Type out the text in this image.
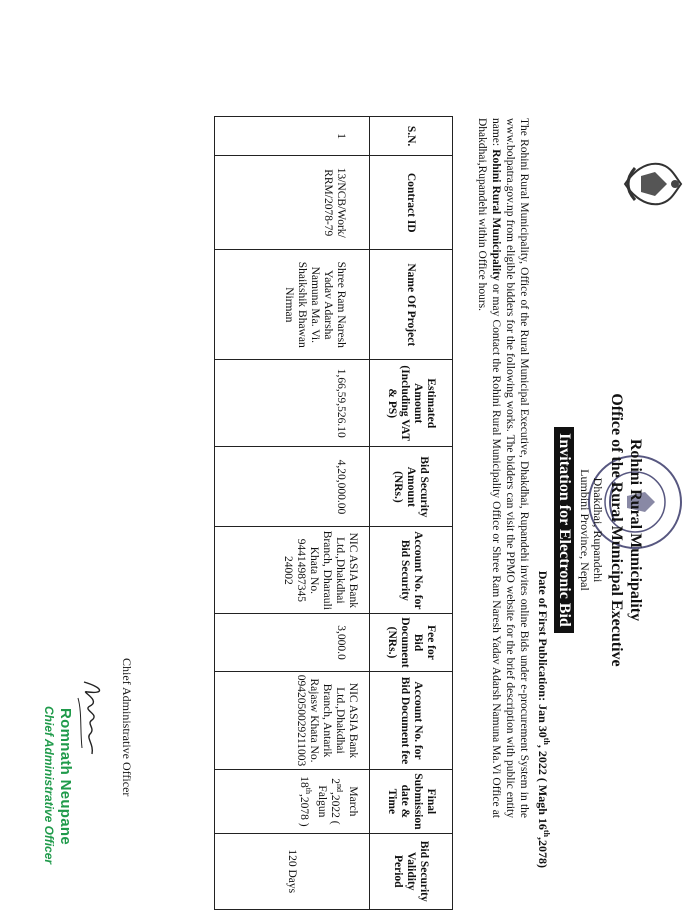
Rohini Rural Municipality
Office of the Rural Municipal Executive
Dhakdhai, Rupandehi
Lumbini Province, Nepal
Invitation for Electronic Bid
Date of First Publication: Jan 30th, 2022 ( Magh 16th,2078)
The Rohini Rural Municipality, Office of the Rural Municipal Executive, Dhakdhai, Rupandehi invites online Bids under e-procurement System in the www.bolpatra.gov.np from eligible bidders for the following works. The bidders can visit the PPMO website for the brief description with public entity name: Rohini Rural Municipality or may Contact the Rohini Rural Municipality Office or Shree Ram Naresh Yadav Adarsh Namuna Ma.Vi Office at Dhakdhai,Rupandehi within Office hours.
S.N.	Contract ID	Name Of Project	Estimated Amount (Including VAT & PS)	Bid Security Amount (NRs.)	Account No. for Bid Security	Fee for Bid Document (NRs.)	Account No. for Bid Document fee	Final Submission date & Time	Bid Security Validity Period
1	13/NCB/Work/ RRM/2078-79	Shree Ram Naresh Yadav Adarsha Namuna Ma. Vi. Shaikshik Bhawan Nirman	1,66,59,526.10	4,20,000.00	NIC ASIA Bank Ltd.,Dhakdhai Branch, Dharauli Khata No. 94414987345 24002	3,000.0	NIC ASIA Bank Ltd.,Dhakdhai Branch, Antarik Rajasw Khata No. 0942050029211003	March 2nd,2022 ( Falgun 18th,2078 )	120 Days
Chief Administrative Officer
Romnath Neupane
Chief Administrative Officer
